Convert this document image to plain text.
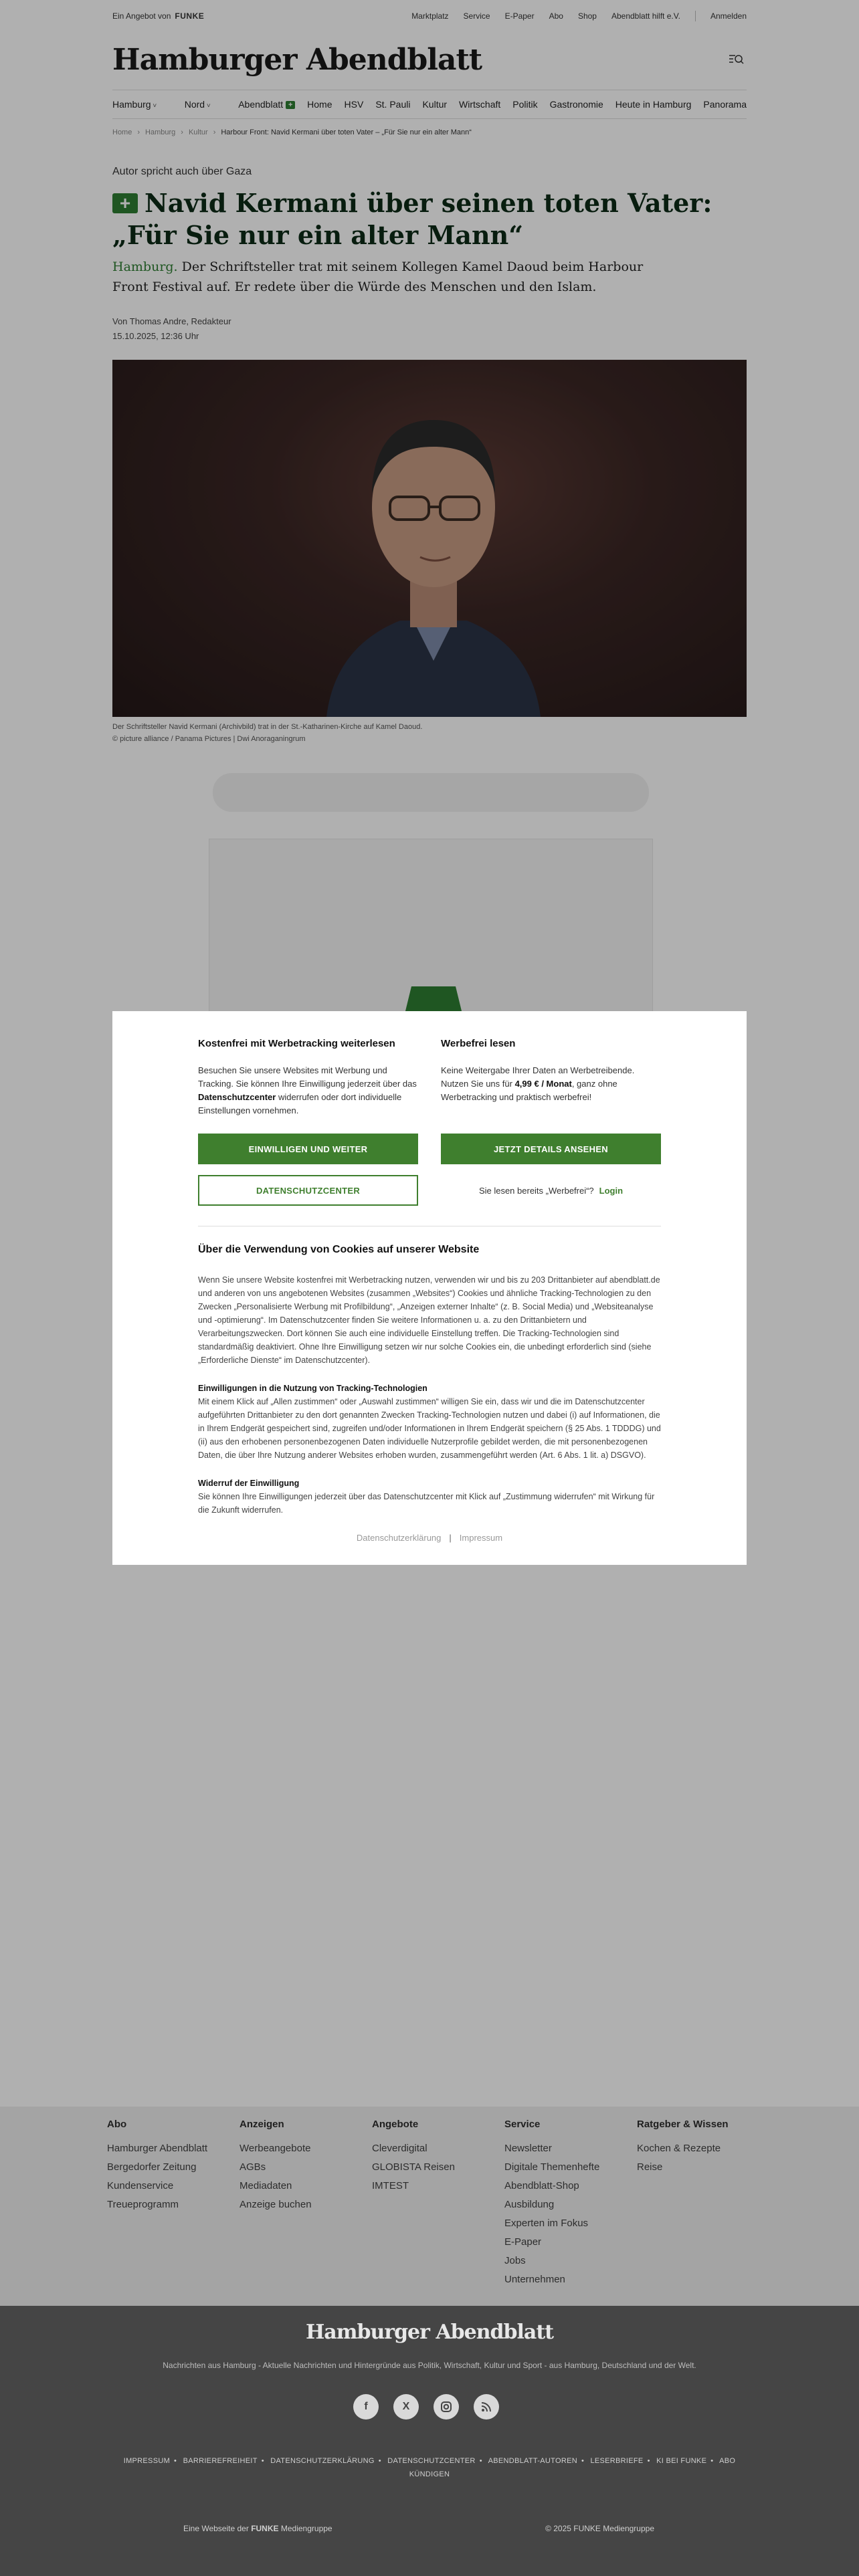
Ein Angebot von FUNKE	Marktplatz Service E-Paper Abo Shop Abendblatt hilft e.V.	Anmelden
Hamburger Abendblatt
Hamburg ˅	Nord ˅	Abendblatt + Home HSV St. Pauli Kultur Wirtschaft Politik Gastronomie Heute in Hamburg Panorama
Home › Hamburg › Kultur › Harbour Front: Navid Kermani über toten Vater – „Für Sie nur ein alter Mann“
Autor spricht auch über Gaza
+ Navid Kermani über seinen toten Vater: „Für Sie nur ein alter Mann“

Hamburg. Der Schriftsteller trat mit seinem Kollegen Kamel Daoud beim Harbour Front Festival auf. Er redete über die Würde des Menschen und den Islam.

Von Thomas Andre, Redakteur
15.10.2025, 12:36 Uhr
Der Schriftsteller Navid Kermani (Archivbild) trat in der St.-Katharinen-Kirche auf Kamel Daoud.
© picture alliance / Panama Pictures | Dwi Anoraganingrum
Kostenfrei mit Werbetracking weiterlesen

Besuchen Sie unsere Websites mit Werbung und Tracking. Sie können Ihre Einwilligung jederzeit über das Datenschutzcenter widerrufen oder dort individuelle Einstellungen vornehmen.

EINWILLIGEN UND WEITER
DATENSCHUTZCENTER
Werbefrei lesen

Keine Weitergabe Ihrer Daten an Werbetreibende. Nutzen Sie uns für 4,99 € / Monat, ganz ohne Werbetracking und praktisch werbefrei!

JETZT DETAILS ANSEHEN
Sie lesen bereits „Werbefrei“? Login
Über die Verwendung von Cookies auf unserer Website
Wenn Sie unsere Website kostenfrei mit Werbetracking nutzen, verwenden wir und bis zu 203 Drittanbieter auf abendblatt.de und anderen von uns angebotenen Websites (zusammen „Websites“) Cookies und ähnliche Tracking-Technologien zu den Zwecken „Personalisierte Werbung mit Profilbildung“, „Anzeigen externer Inhalte“ (z. B. Social Media) und „Websiteanalyse und -optimierung“. Im Datenschutzcenter finden Sie weitere Informationen u. a. zu den Drittanbietern und Verarbeitungszwecken. Dort können Sie auch eine individuelle Einstellung treffen. Die Tracking-Technologien sind standardmäßig deaktiviert. Ohne Ihre Einwilligung setzen wir nur solche Cookies ein, die unbedingt erforderlich sind (siehe „Erforderliche Dienste“ im Datenschutzcenter).
Einwilligungen in die Nutzung von Tracking-Technologien
Mit einem Klick auf „Allen zustimmen“ oder „Auswahl zustimmen“ willigen Sie ein, dass wir und die im Datenschutzcenter aufgeführten Drittanbieter zu den dort genannten Zwecken Tracking-Technologien nutzen und dabei (i) auf Informationen, die in Ihrem Endgerät gespeichert sind, zugreifen und/oder Informationen in Ihrem Endgerät speichern (§ 25 Abs. 1 TDDDG) und (ii) aus den erhobenen personenbezogenen Daten individuelle Nutzerprofile gebildet werden, die mit personenbezogenen Daten, die über Ihre Nutzung anderer Websites erhoben wurden, zusammengeführt werden (Art. 6 Abs. 1 lit. a) DSGVO).
Widerruf der Einwilligung
Sie können Ihre Einwilligungen jederzeit über das Datenschutzcenter mit Klick auf „Zustimmung widerrufen“ mit Wirkung für die Zukunft widerrufen.
Datenschutzerklärung | Impressum
Abo
Hamburger Abendblatt
Bergedorfer Zeitung
Kundenservice
Treueprogramm
Anzeigen
Werbeangebote
AGBs
Mediadaten
Anzeige buchen
Angebote
Cleverdigital
GLOBISTA Reisen
IMTEST
Service
Newsletter
Digitale Themenhefte
Abendblatt-Shop
Ausbildung
Experten im Fokus
E-Paper
Jobs
Unternehmen
Ratgeber & Wissen
Kochen & Rezepte
Reise
Hamburger Abendblatt
Nachrichten aus Hamburg - Aktuelle Nachrichten und Hintergründe aus Politik, Wirtschaft, Kultur und Sport - aus Hamburg, Deutschland und der Welt.
f	X
IMPRESSUM • BARRIEREFREIHEIT • DATENSCHUTZERKLÄRUNG • DATENSCHUTZCENTER • ABENDBLATT-AUTOREN • LESERBRIEFE • KI BEI FUNKE • ABO KÜNDIGEN
Eine Webseite der FUNKE Mediengruppe	© 2025 FUNKE Mediengruppe
